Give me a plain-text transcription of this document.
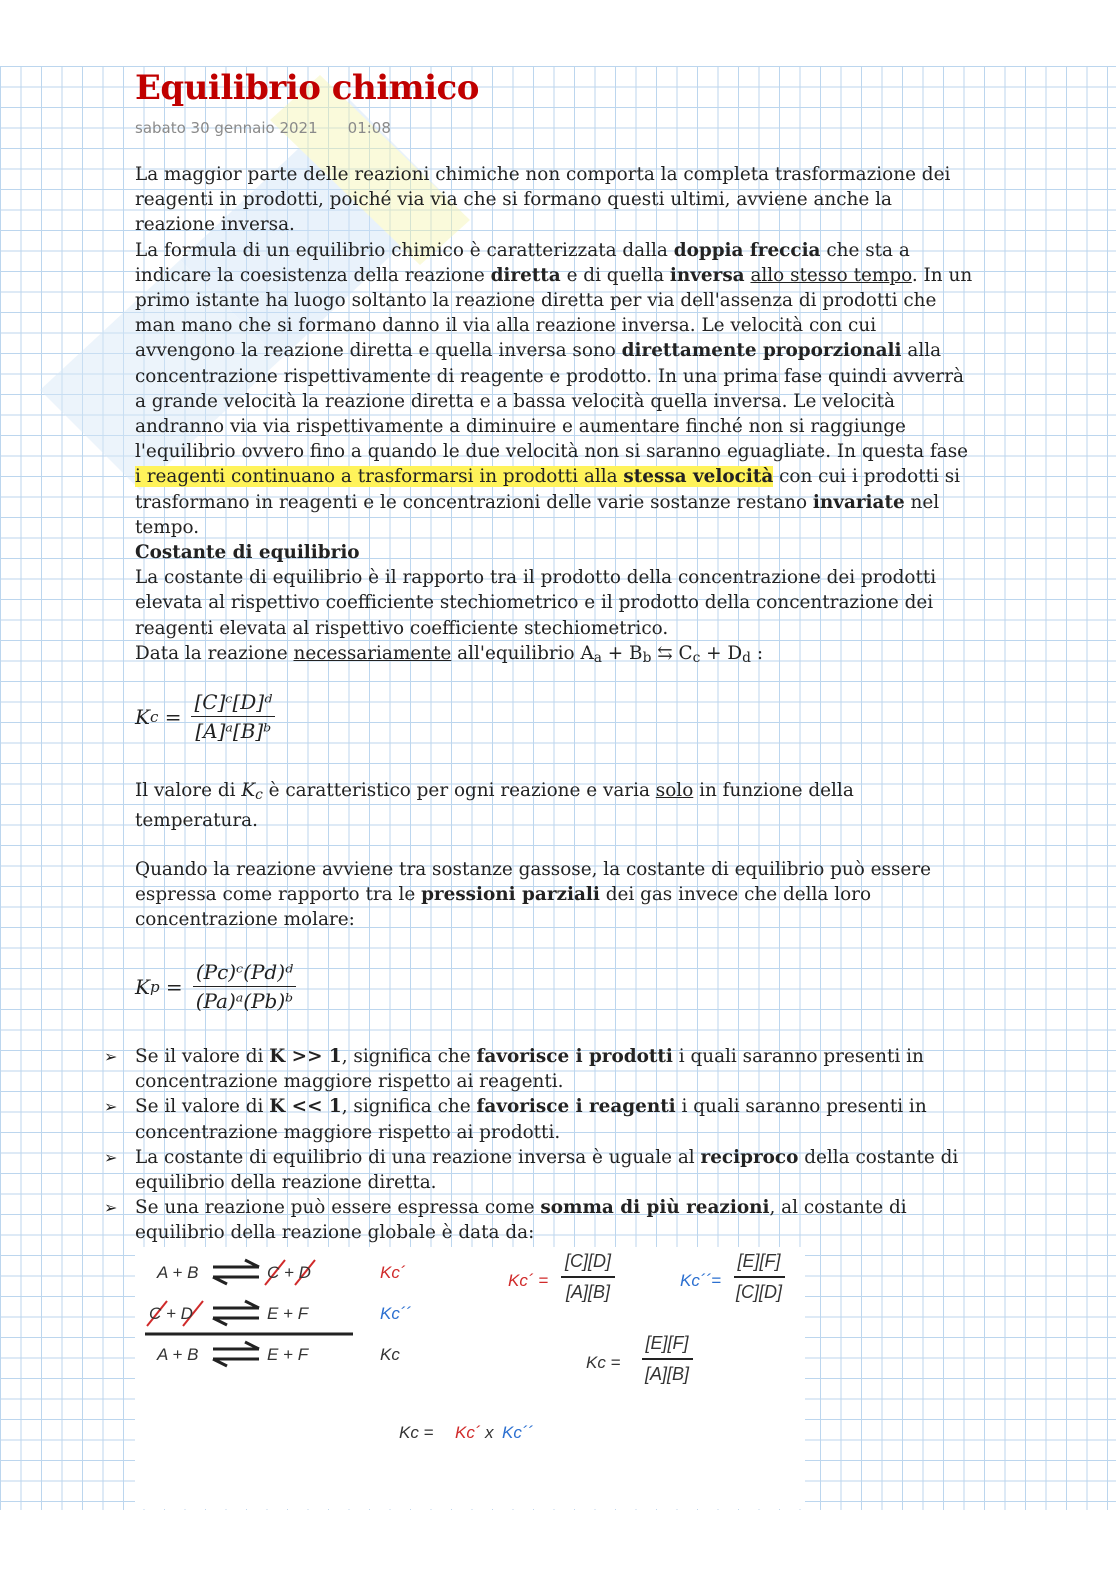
Equilibrio chimico
sabato 30 gennaio 2021 01:08

La maggior parte delle reazioni chimiche non comporta la completa trasformazione dei reagenti in prodotti, poiché via via che si formano questi ultimi, avviene anche la reazione inversa.

La formula di un equilibrio chimico è caratterizzata dalla doppia freccia che sta a indicare la coesistenza della reazione diretta e di quella inversa allo stesso tempo. In un primo istante ha luogo soltanto la reazione diretta per via dell'assenza di prodotti che man mano che si formano danno il via alla reazione inversa. Le velocità con cui avvengono la reazione diretta e quella inversa sono direttamente proporzionali alla concentrazione rispettivamente di reagente e prodotto. In una prima fase quindi avverrà a grande velocità la reazione diretta e a bassa velocità quella inversa. Le velocità andranno via via rispettivamente a diminuire e aumentare finché non si raggiunge l'equilibrio ovvero fino a quando le due velocità non si saranno eguagliate. In questa fase i reagenti continuano a trasformarsi in prodotti alla stessa velocità con cui i prodotti si trasformano in reagenti e le concentrazioni delle varie sostanze restano invariate nel tempo.

Costante di equilibrio

La costante di equilibrio è il rapporto tra il prodotto della concentrazione dei prodotti elevata al rispettivo coefficiente stechiometrico e il prodotto della concentrazione dei reagenti elevata al rispettivo coefficiente stechiometrico.

Data la reazione necessariamente all'equilibrio Aa + Bb ⇆ Cc + Dd :

K c
= $\frac{\text{[C]ᶜ[D]ᵈ}}{\text{[A]ᵃ[B]ᵇ}}$

Il valore di Kc è caratteristico per ogni reazione e varia solo in funzione della temperatura.

Quando la reazione avviene tra sostanze gassose, la costante di equilibrio può essere espressa come rapporto tra le pressioni parziali dei gas invece che della loro concentrazione molare:

K p
= $\frac{\text{(Pc)ᶜ(Pd)ᵈ}}{\text{(Pa)ᵃ(Pb)ᵇ}}$
➢ Se il valore di K >> 1, significa che favorisce i prodotti i quali saranno presenti in concentrazione maggiore rispetto ai reagenti.
➢ Se il valore di K << 1, significa che favorisce i reagenti i quali saranno presenti in concentrazione maggiore rispetto ai prodotti.
➢ La costante di equilibrio di una reazione inversa è uguale al reciproco della costante di equilibrio della reazione diretta.
➢ Se una reazione può essere espressa come somma di più reazioni, al costante di equilibrio della reazione globale è data da:
A + B	C + D
C + D	E + F
A + B	E + F
Kc´
Kc´´
Kc
Kc´ =
[C][D]
[A][B]
Kc´´=
[E][F]
[C][D]
Kc =
[E][F]
[A][B]
Kc = Kc´ x Kc´´
